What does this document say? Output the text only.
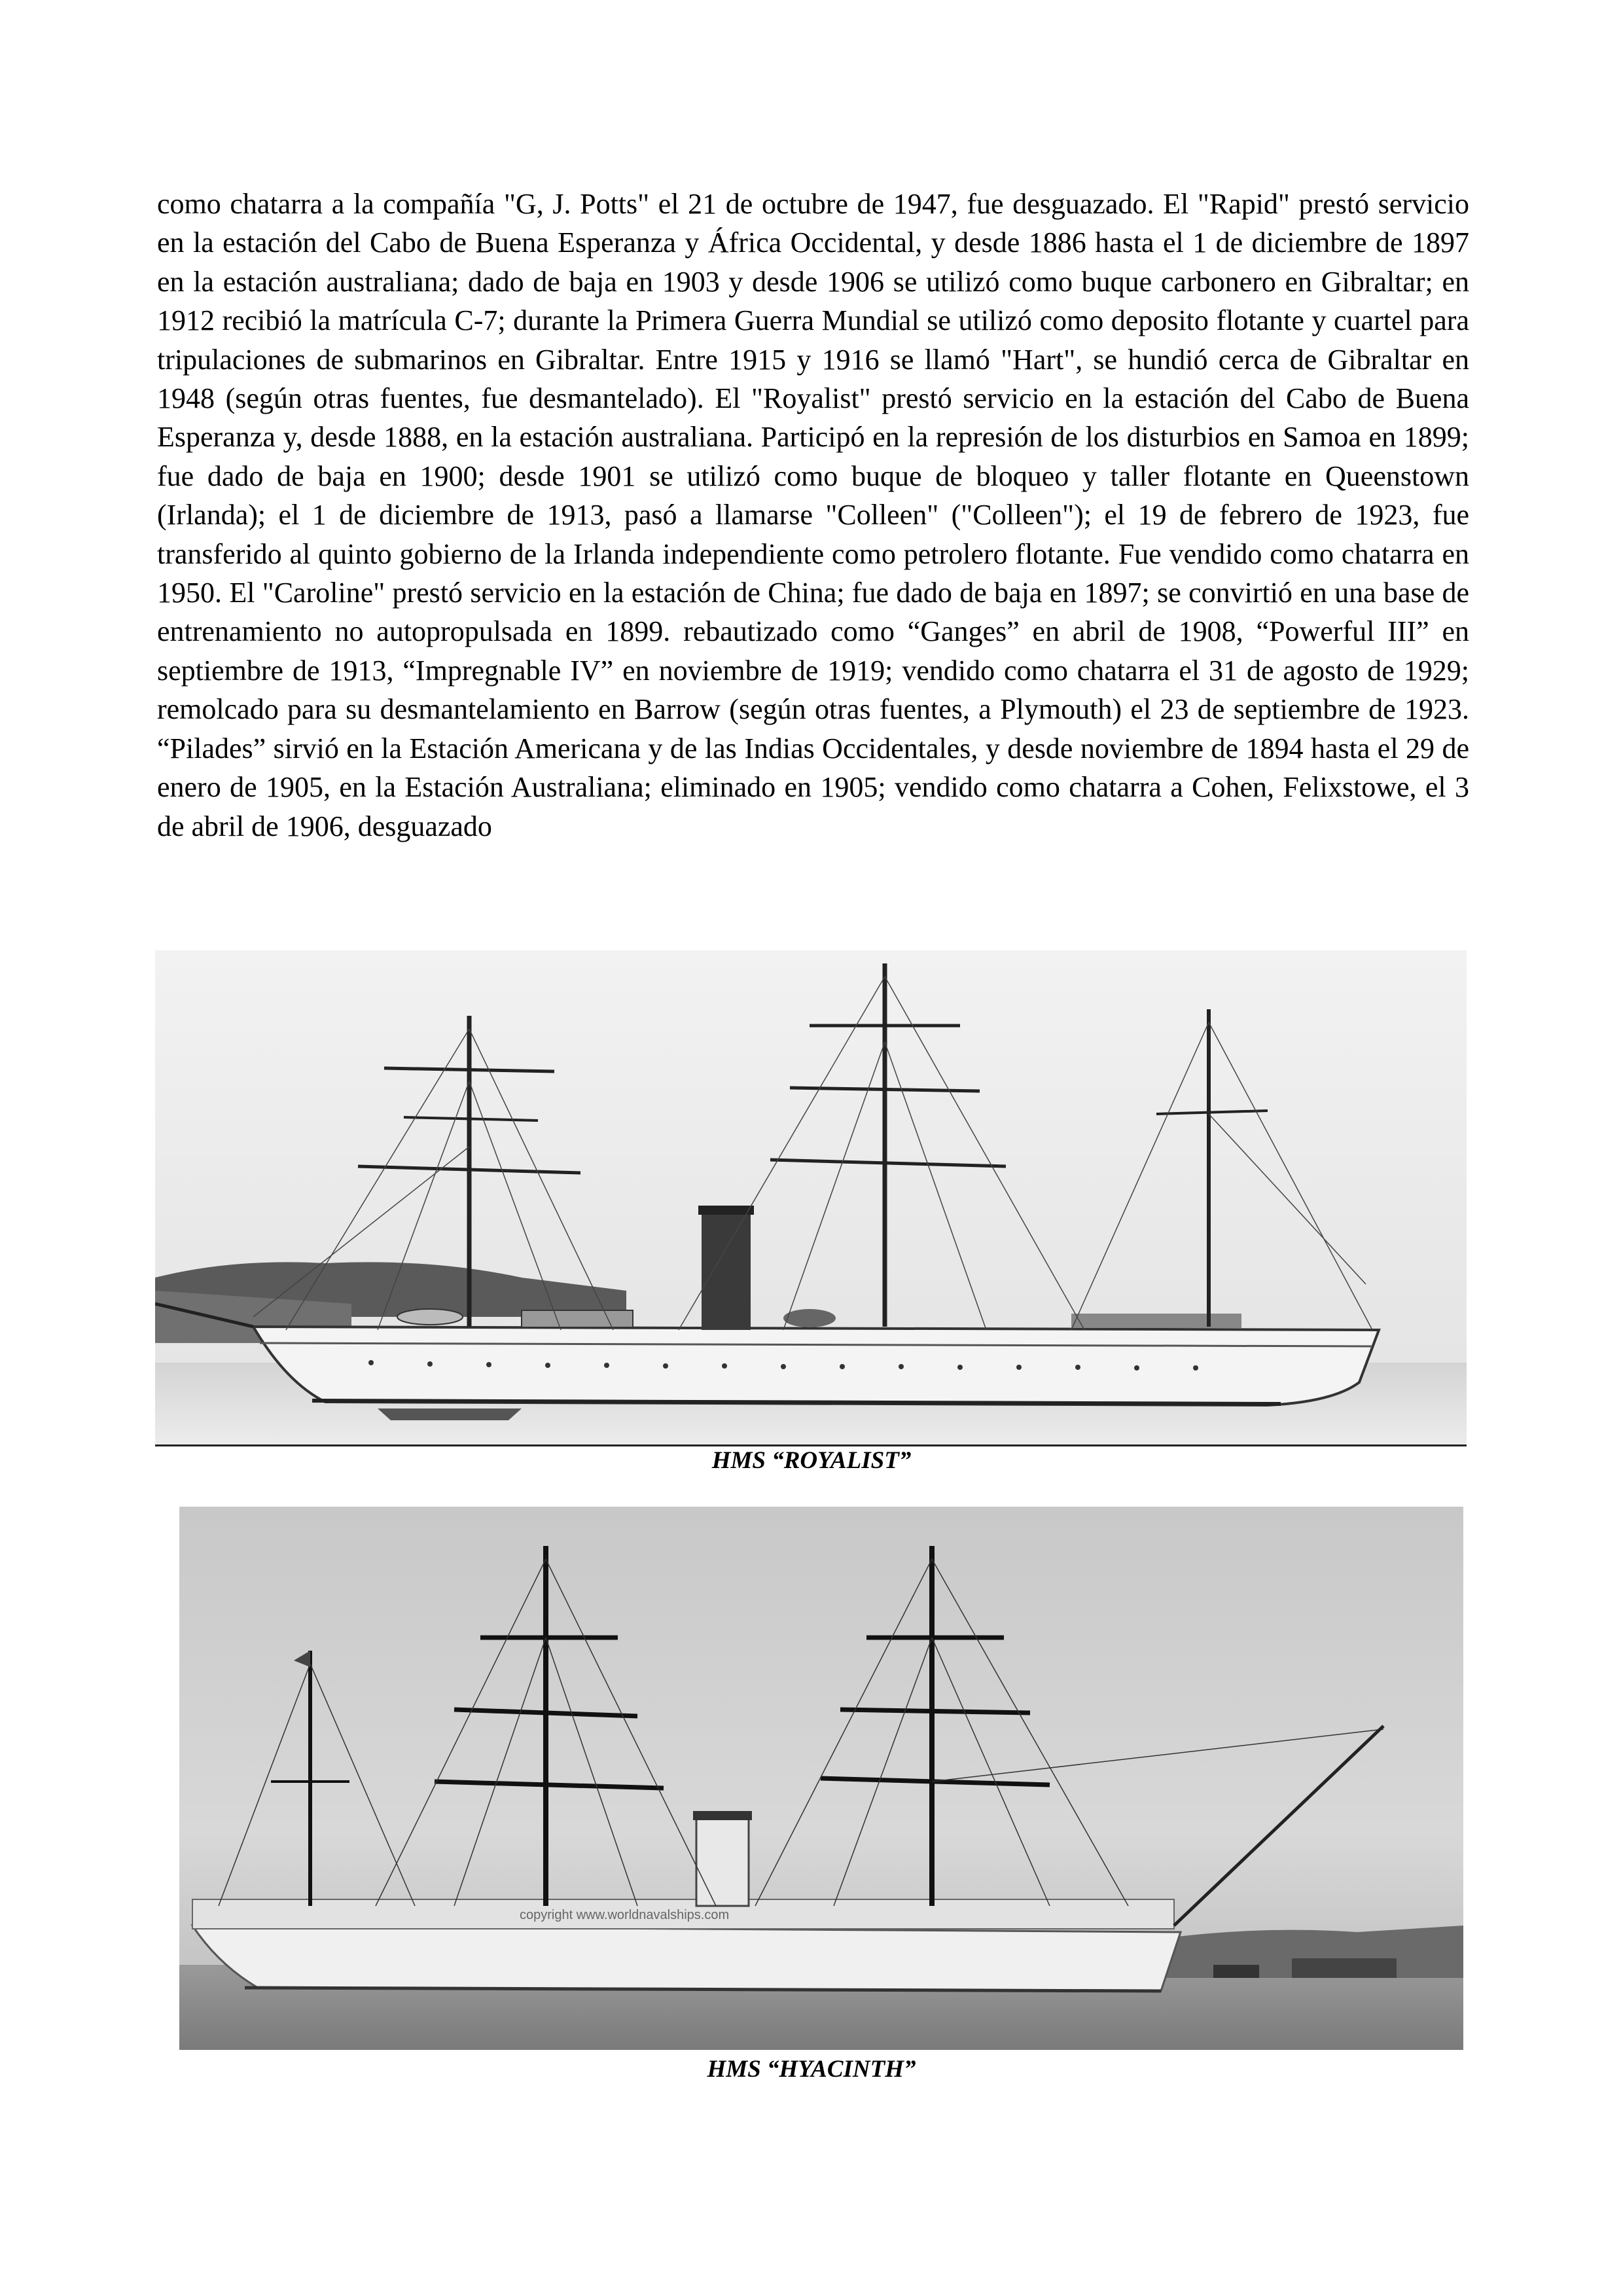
como chatarra a la compañía "G, J. Potts" el 21 de octubre de 1947, fue desguazado. El "Rapid" prestó servicio en la estación del Cabo de Buena Esperanza y África Occidental, y desde 1886 hasta el 1 de diciembre de 1897 en la estación australiana; dado de baja en 1903 y desde 1906 se utilizó como buque carbonero en Gibraltar; en 1912 recibió la matrícula C-7; durante la Primera Guerra Mundial se utilizó como deposito flotante y cuartel para tripulaciones de submarinos en Gibraltar. Entre 1915 y 1916 se llamó "Hart", se hundió cerca de Gibraltar en 1948 (según otras fuentes, fue desmantelado). El "Royalist" prestó servicio en la estación del Cabo de Buena Esperanza y, desde 1888, en la estación australiana. Participó en la represión de los disturbios en Samoa en 1899; fue dado de baja en 1900; desde 1901 se utilizó como buque de bloqueo y taller flotante en Queenstown (Irlanda); el 1 de diciembre de 1913, pasó a llamarse "Colleen" ("Colleen"); el 19 de febrero de 1923, fue transferido al quinto gobierno de la Irlanda independiente como petrolero flotante. Fue vendido como chatarra en 1950. El "Caroline" prestó servicio en la estación de China; fue dado de baja en 1897; se convirtió en una base de entrenamiento no autopropulsada en 1899. rebautizado como “Ganges” en abril de 1908, “Powerful III” en septiembre de 1913, “Impregnable IV” en noviembre de 1919; vendido como chatarra el 31 de agosto de 1929; remolcado para su desmantelamiento en Barrow (según otras fuentes, a Plymouth) el 23 de septiembre de 1923. “Pilades” sirvió en la Estación Americana y de las Indias Occidentales, y desde noviembre de 1894 hasta el 29 de enero de 1905, en la Estación Australiana; eliminado en 1905; vendido como chatarra a Cohen, Felixstowe, el 3 de abril de 1906, desguazado

HMS “ROYALIST”
copyright www.worldnavalships.com
HMS “HYACINTH”
